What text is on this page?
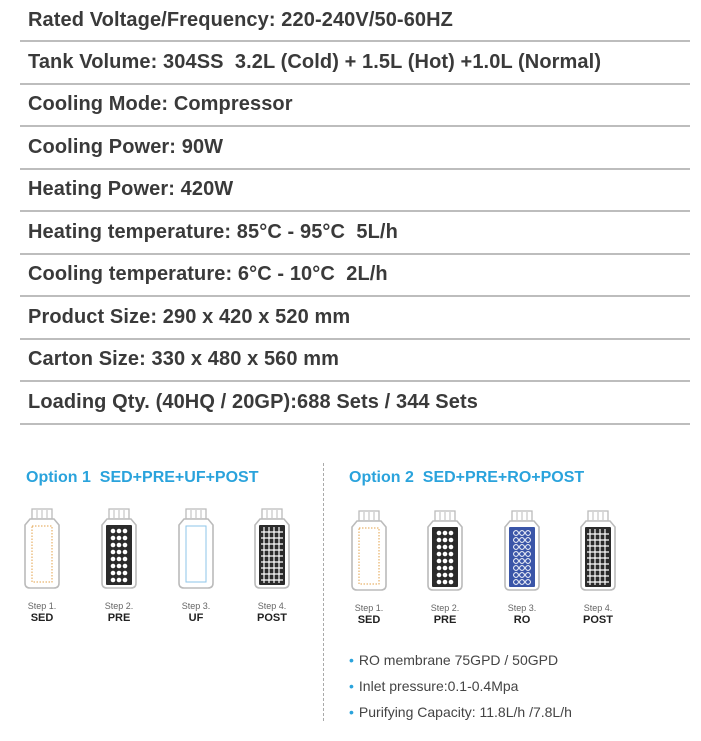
Rated Voltage/Frequency: 220-240V/50-60HZ
Tank Volume: 304SS  3.2L (Cold) + 1.5L (Hot) +1.0L (Normal)
Cooling Mode: Compressor
Cooling Power: 90W
Heating Power: 420W
Heating temperature: 85°C - 95°C  5L/h
Cooling temperature: 6°C - 10°C  2L/h
Product Size: 290 x 420 x 520 mm
Carton Size: 330 x 480 x 560 mm
Loading Qty. (40HQ / 20GP):688 Sets / 344 Sets
Option 1  SED+PRE+UF+POST
Step 1.
SED
Step 2.
PRE
Step 3.
UF
Step 4.
POST
Option 2  SED+PRE+RO+POST
Step 1.
SED
Step 2.
PRE
Step 3.
RO
Step 4.
POST
• RO membrane 75GPD / 50GPD
• Inlet pressure:0.1-0.4Mpa
• Purifying Capacity: 11.8L/h /7.8L/h
